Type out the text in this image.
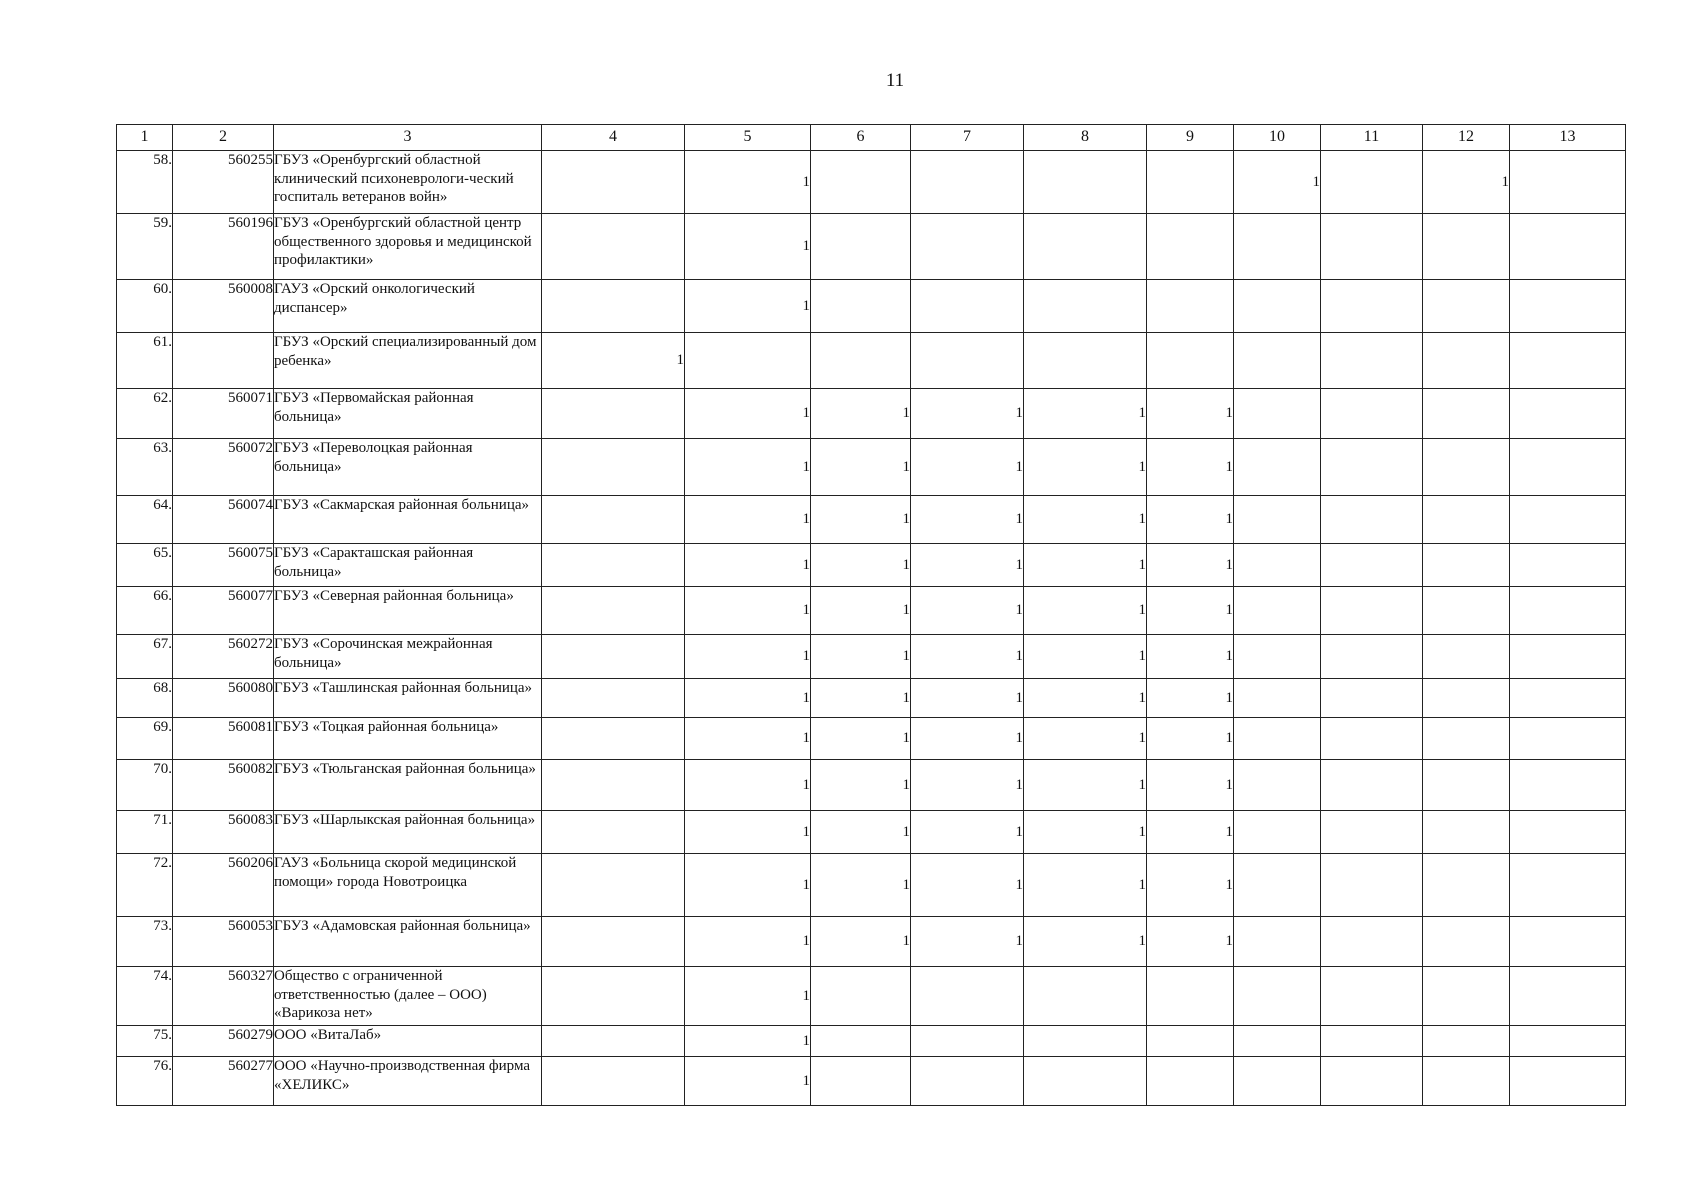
11
1	2	3	4	5	6	7	8	9	10	11	12	13
58.	560255	ГБУЗ «Оренбургский областной клинический психоневрологи-ческий госпиталь ветеранов войн»		1					1		1	
59.	560196	ГБУЗ «Оренбургский областной центр общественного здоровья и медицинской профилактики»		1								
60.	560008	ГАУЗ «Орский онкологический диспансер»		1								
61.		ГБУЗ «Орский специализированный дом ребенка»	1									
62.	560071	ГБУЗ «Первомайская районная больница»		1	1	1	1	1				
63.	560072	ГБУЗ «Переволоцкая районная больница»		1	1	1	1	1				
64.	560074	ГБУЗ «Сакмарская районная больница»		1	1	1	1	1				
65.	560075	ГБУЗ «Саракташская районная больница»		1	1	1	1	1				
66.	560077	ГБУЗ «Северная районная больница»		1	1	1	1	1				
67.	560272	ГБУЗ «Сорочинская межрайонная больница»		1	1	1	1	1				
68.	560080	ГБУЗ «Ташлинская районная больница»		1	1	1	1	1				
69.	560081	ГБУЗ «Тоцкая районная больница»		1	1	1	1	1				
70.	560082	ГБУЗ «Тюльганская районная больница»		1	1	1	1	1				
71.	560083	ГБУЗ «Шарлыкская районная больница»		1	1	1	1	1				
72.	560206	ГАУЗ «Больница скорой медицинской помощи» города Новотроицка		1	1	1	1	1				
73.	560053	ГБУЗ «Адамовская районная больница»		1	1	1	1	1				
74.	560327	Общество с ограниченной ответственностью (далее – ООО) «Варикоза нет»		1								
75.	560279	ООО «ВитаЛаб»		1								
76.	560277	ООО «Научно-производственная фирма «ХЕЛИКС»		1								
